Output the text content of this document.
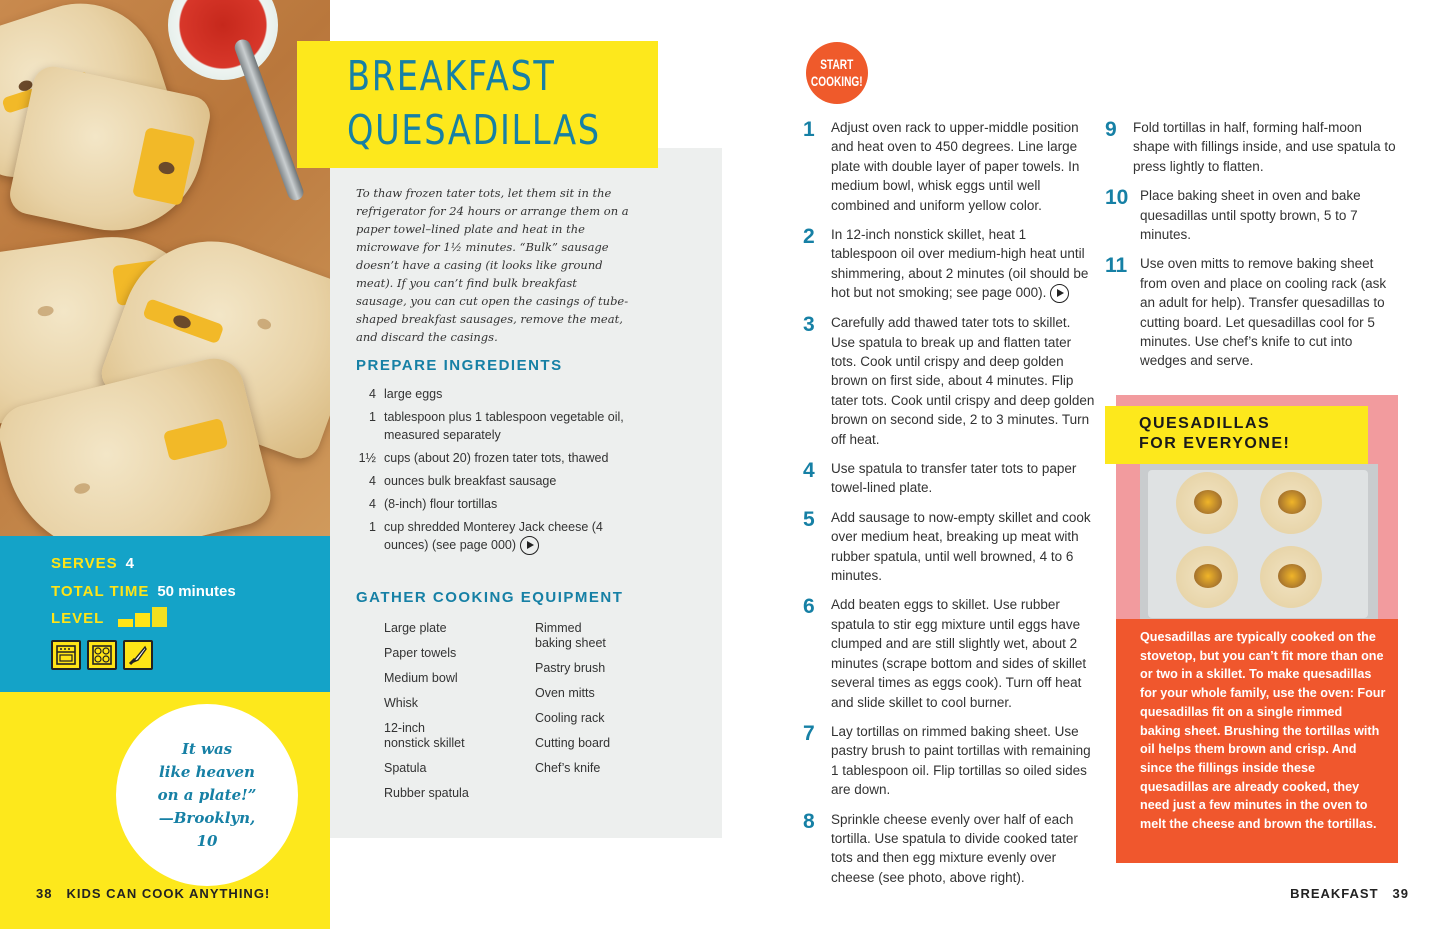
SERVES 4
TOTAL TIME 50 minutes
LEVEL
It was
like heaven
on a plate!”
—Brooklyn, 10
38 KIDS CAN COOK ANYTHING!
BREAKFAST
QUESADILLAS
To thaw frozen tater tots, let them sit in the refrigerator for 24 hours or arrange them on a paper towel–lined plate and heat in the microwave for 1½ minutes. “Bulk” sausage doesn’t have a casing (it looks like ground meat). If you can’t find bulk breakfast sausage, you can cut open the casings of tube-shaped breakfast sausages, remove the meat, and discard the casings.
PREPARE INGREDIENTS
4 large eggs
1 tablespoon plus 1 tablespoon vegetable oil, measured separately
1½ cups (about 20) frozen tater tots, thawed
4 ounces bulk breakfast sausage
4 (8-inch) flour tortillas
1 cup shredded Monterey Jack cheese (4 ounces) (see page 000)
GATHER COOKING EQUIPMENT
Large plate
Paper towels
Medium bowl
Whisk
12-inch
nonstick skillet
Spatula
Rubber spatula
Rimmed
baking sheet
Pastry brush
Oven mitts
Cooling rack
Cutting board
Chef’s knife
START
COOKING!
1	Adjust oven rack to upper-middle position and heat oven to 450 degrees. Line large plate with double layer of paper towels. In medium bowl, whisk eggs until well combined and uniform yellow color.
2	In 12-inch nonstick skillet, heat 1 tablespoon oil over medium-high heat until shimmering, about 2 minutes (oil should be hot but not smoking; see page 000).
3	Carefully add thawed tater tots to skillet. Use spatula to break up and flatten tater tots. Cook until crispy and deep golden brown on first side, about 4 minutes. Flip tater tots. Cook until crispy and deep golden brown on second side, 2 to 3 minutes. Turn off heat.
4	Use spatula to transfer tater tots to paper towel-lined plate.
5	Add sausage to now-empty skillet and cook over medium heat, breaking up meat with rubber spatula, until well browned, 4 to 6 minutes.
6	Add beaten eggs to skillet. Use rubber spatula to stir egg mixture until eggs have clumped and are still slightly wet, about 2 minutes (scrape bottom and sides of skillet several times as eggs cook). Turn off heat and slide skillet to cool burner.
7	Lay tortillas on rimmed baking sheet. Use pastry brush to paint tortillas with remaining 1 tablespoon oil. Flip tortillas so oiled sides are down.
8	Sprinkle cheese evenly over half of each tortilla. Use spatula to divide cooked tater tots and then egg mixture evenly over cheese (see photo, above right).
9	Fold tortillas in half, forming half-moon shape with fillings inside, and use spatula to press lightly to flatten.
10 Place baking sheet in oven and bake quesadillas until spotty brown, 5 to 7 minutes.
11 Use oven mitts to remove baking sheet from oven and place on cooling rack (ask an adult for help). Transfer quesadillas to cutting board. Let quesadillas cool for 5 minutes. Use chef’s knife to cut into wedges and serve.
QUESADILLAS
FOR EVERYONE!
Quesadillas are typically cooked on the stovetop, but you can’t fit more than one or two in a skillet. To make quesadillas for your whole family, use the oven: Four quesadillas fit on a single rimmed baking sheet. Brushing the tortillas with oil helps them brown and crisp. And since the fillings inside these quesadillas are already cooked, they need just a few minutes in the oven to melt the cheese and brown the tortillas.
BREAKFAST 39
